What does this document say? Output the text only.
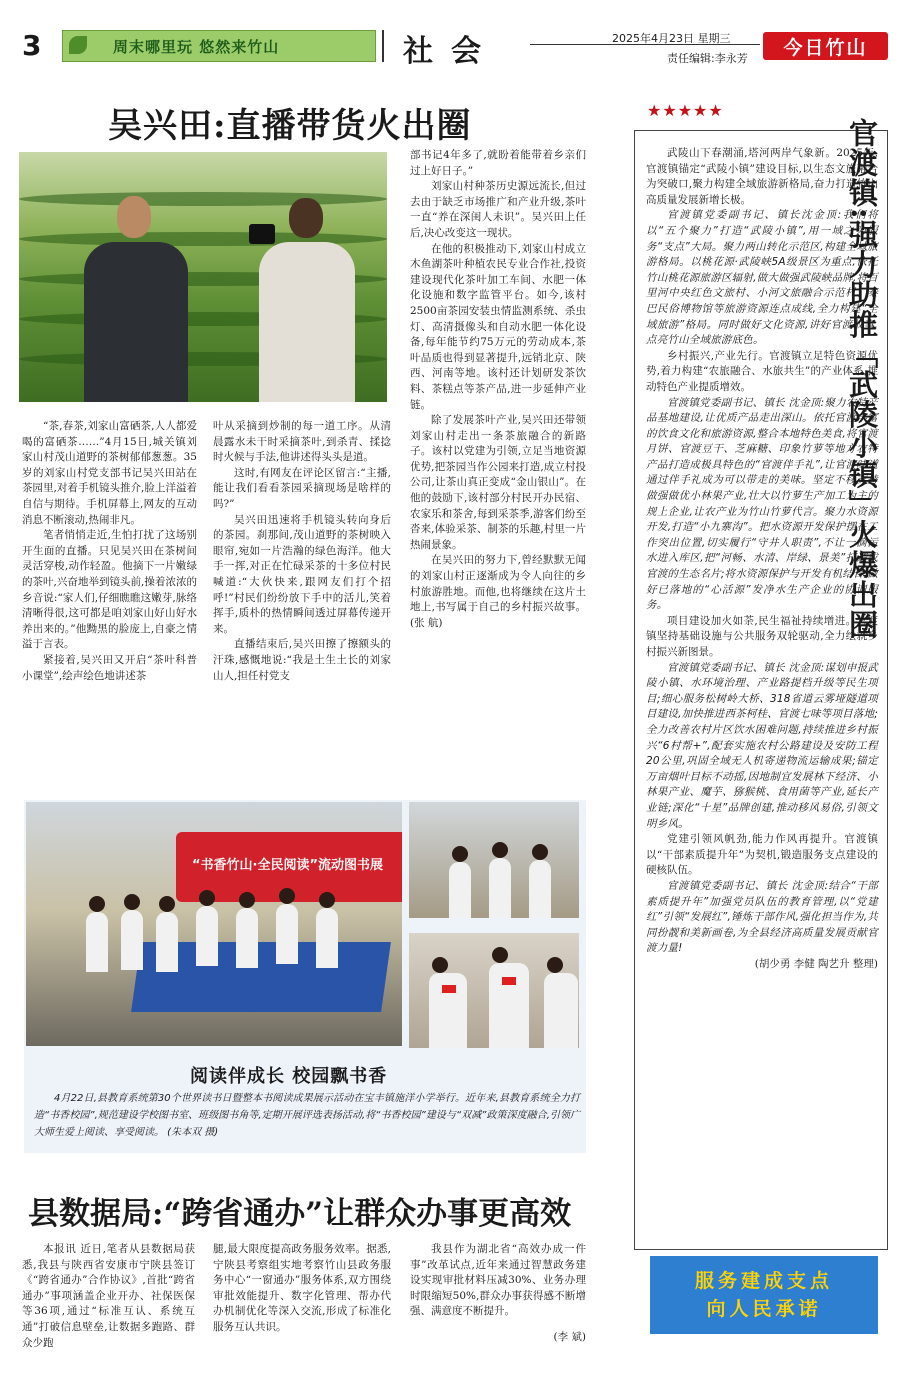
3	周末哪里玩 悠然来竹山	社会	2025年4月23日 星期三
责任编辑:李永芳	今日竹山
吴兴田:直播带货火出圈

“茶,春茶,刘家山富硒茶,人人都爱喝的富硒茶……”4月15日,城关镇刘家山村茂山道野的茶树郁郁葱葱。35岁的刘家山村党支部书记吴兴田站在茶园里,对着手机镜头推介,脸上洋溢着自信与期待。手机屏幕上,网友的互动消息不断滚动,热闹非凡。

笔者悄悄走近,生怕打扰了这场别开生面的直播。只见吴兴田在茶树间灵活穿梭,动作轻盈。他摘下一片嫩绿的茶叶,兴奋地举到镜头前,操着浓浓的乡音说:“家人们,仔细瞧瞧这嫩芽,脉络清晰得很,这可都是咱刘家山好山好水养出来的。”他黝黑的脸庞上,自豪之情溢于言表。

紧接着,吴兴田又开启“茶叶科普小课堂”,绘声绘色地讲述茶

叶从采摘到炒制的每一道工序。从清晨露水未干时采摘茶叶,到杀青、揉捻时火候与手法,他讲述得头头是道。

这时,有网友在评论区留言:“主播,能让我们看看茶园采摘现场是啥样的吗?”

吴兴田迅速将手机镜头转向身后的茶园。刹那间,茂山道野的茶树映入眼帘,宛如一片浩瀚的绿色海洋。他大手一挥,对正在忙碌采茶的十多位村民喊道:“大伙快来,跟网友们打个招呼!”村民们纷纷放下手中的活儿,笑着挥手,质朴的热情瞬间透过屏幕传递开来。

直播结束后,吴兴田擦了擦额头的汗珠,感慨地说:“我是土生土长的刘家山人,担任村党支

部书记4年多了,就盼着能带着乡亲们过上好日子。”

刘家山村种茶历史源远流长,但过去由于缺乏市场推广和产业升级,茶叶一直“养在深闺人未识”。吴兴田上任后,决心改变这一现状。

在他的积极推动下,刘家山村成立木鱼湖茶叶种植农民专业合作社,投资建设现代化茶叶加工车间、水肥一体化设施和数字监管平台。如今,该村2500亩茶园安装虫情监测系统、杀虫灯、高清摄像头和自动水肥一体化设备,每年能节约75万元的劳动成本,茶叶品质也得到显著提升,远销北京、陕西、河南等地。该村还计划研发茶饮料、茶糕点等茶产品,进一步延伸产业链。

除了发展茶叶产业,吴兴田还带领刘家山村走出一条茶旅融合的新路子。该村以党建为引领,立足当地资源优势,把茶园当作公园来打造,成立村投公司,让茶山真正变成“金山银山”。在他的鼓励下,该村部分村民开办民宿、农家乐和茶舍,每到采茶季,游客们纷至沓来,体验采茶、制茶的乐趣,村里一片热闹景象。

在吴兴田的努力下,曾经默默无闻的刘家山村正逐渐成为令人向往的乡村旅游胜地。而他,也将继续在这片土地上,书写属于自己的乡村振兴故事。(张 航)

★★★★★
官渡镇:强力助推「武陵小镇」火爆出圈

武陵山下春潮涌,塔河两岸气象新。2025年,官渡镇锚定“武陵小镇”建设目标,以生态文旅融合为突破口,聚力构建全域旅游新格局,奋力打造竹山高质量发展新增长极。

官渡镇党委副书记、镇长沈金顶:我们将以“五个聚力”打造“武陵小镇”,用一域之为服务“支点”大局。聚力两山转化示范区,构建全域旅游格局。以桃花源·武陵峡5A级景区为重点,依托竹山桃花源旅游区辐射,做大做强武陵峡品牌,将百里河中央红色文旅村、小河文旅融合示范村、秦巴民俗博物馆等旅游资源连点成线,全力构建“全域旅游”格局。同时做好文化资源,讲好官渡故事,点亮竹山全域旅游底色。

乡村振兴,产业先行。官渡镇立足特色资源优势,着力构建“农旅融合、水旅共生”的产业体系,推动特色产业提质增效。

官渡镇党委副书记、镇长 沈金顶:聚力农特产品基地建设,让优质产品走出深山。依托官渡丰富的饮食文化和旅游资源,整合本地特色美食,将官渡月饼、官渡豆干、芝麻糖、印象竹萝等地方农特产品打造成极具特色的“官渡伴手礼”,让官渡味道通过伴手礼成为可以带走的美味。坚定不移支持做强做优小林果产业,壮大以竹萝生产加工为主的规上企业,让农产业为竹山竹萝代言。聚力水资源开发,打造“小九寨沟”。把水资源开发保护摆在工作突出位置,切实履行“守井人职责”,不让一滴污水进入库区,把“河畅、水清、岸绿、景美”打造成官渡的生态名片;将水资源保护与开发有机结合,做好已落地的“心活源”发净水生产企业的协调服务。

项目建设加火如荼,民生福祉持续增进。官渡镇坚持基础设施与公共服务双轮驱动,全力绘就乡村振兴新图景。

官渡镇党委副书记、镇长 沈金顶:谋划申报武陵小镇、水环境治理、产业路提档升级等民生项目;细心服务松树岭大桥、318省道云雾垭隧道项目建设,加快推进西茶柯桂、官渡七味等项目落地;全力改善农村片区饮水困难问题,持续推进乡村振兴“6村帮+”,配套实施农村公路建设及安防工程20公里,巩固全域无人机寄递物流运输成果;锚定万亩烟叶目标不动摇,因地制宜发展林下经济、小林果产业、魔芋、猕猴桃、食用菌等产业,延长产业链;深化“十星”品牌创建,推动移风易俗,引领文明乡风。

党建引领风帆劲,能力作风再提升。官渡镇以“干部素质提升年”为契机,锻造服务支点建设的硬核队伍。

官渡镇党委副书记、镇长 沈金顶:结合“干部素质提升年”加强党员队伍的教育管理,以“党建红”引领“发展红”,锤炼干部作风,强化担当作为,共同扮靓和美新画卷,为全县经济高质量发展贡献官渡力量!

(胡少勇 李健 陶艺升 整理)

服务建成支点
向人民承诺
“书香竹山·全民阅读”流动图书展
阅读伴成长 校园飘书香
4月22日,县教育系统第30个世界读书日暨整本书阅读成果展示活动在宝丰镇施洋小学举行。近年来,县教育系统全力打造“书香校园”,规范建设学校图书室、班级图书角等,定期开展评选表扬活动,将“书香校园”建设与“双减”政策深度融合,引领广大师生爱上阅读、享受阅读。 (朱本双 摄)
县数据局:“跨省通办”让群众办事更高效

本报讯 近日,笔者从县数据局获悉,我县与陕西省安康市宁陕县签订《“跨省通办”合作协议》,首批“跨省通办”事项涵盖企业开办、社保医保等36项,通过“标准互认、系统互通”打破信息壁垒,让数据多跑路、群众少跑

腿,最大限度提高政务服务效率。据悉,宁陕县考察组实地考察竹山县政务服务中心“一窗通办”服务体系,双方围绕审批效能提升、数字化管理、帮办代办机制优化等深入交流,形成了标准化服务互认共识。

我县作为湖北省“高效办成一件事”改革试点,近年来通过智慧政务建设实现审批材料压减30%、业务办理时限缩短50%,群众办事获得感不断增强、满意度不断提升。

(李 斌)
